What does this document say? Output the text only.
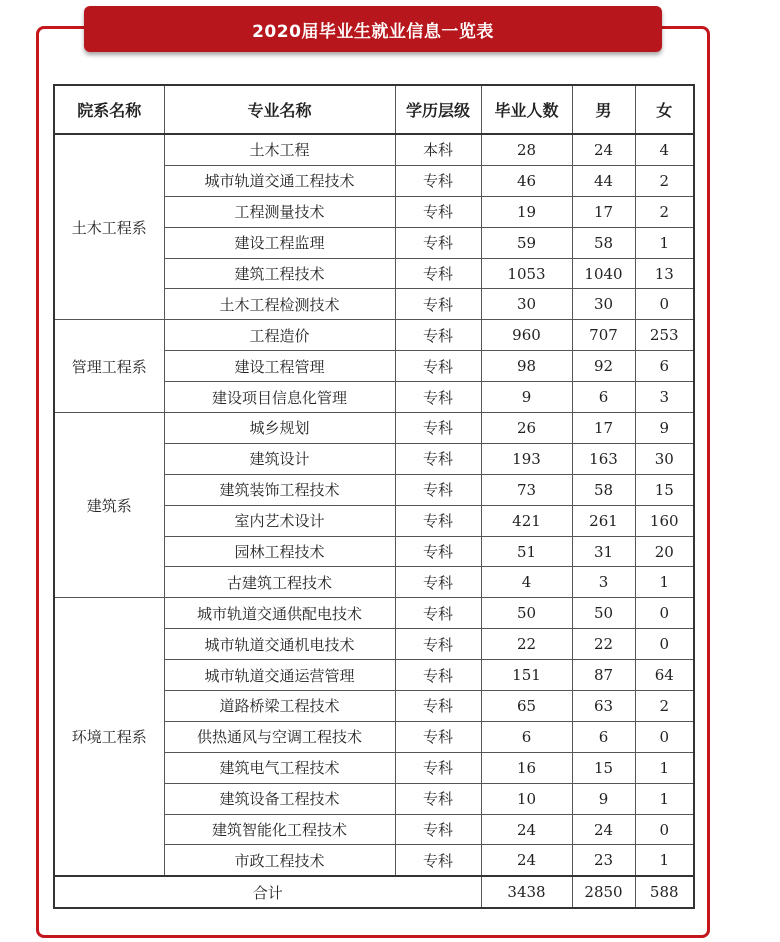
2020届毕业生就业信息一览表
院系名称	专业名称	学历层级	毕业人数	男	女
土木工程系	土木工程	本科	28	24	4
	城市轨道交通工程技术	专科	46	44	2
	工程测量技术	专科	19	17	2
	建设工程监理	专科	59	58	1
	建筑工程技术	专科	1053	1040	13
	土木工程检测技术	专科	30	30	0
管理工程系	工程造价	专科	960	707	253
	建设工程管理	专科	98	92	6
	建设项目信息化管理	专科	9	6	3
建筑系	城乡规划	专科	26	17	9
	建筑设计	专科	193	163	30
	建筑装饰工程技术	专科	73	58	15
	室内艺术设计	专科	421	261	160
	园林工程技术	专科	51	31	20
	古建筑工程技术	专科	4	3	1
环境工程系	城市轨道交通供配电技术	专科	50	50	0
	城市轨道交通机电技术	专科	22	22	0
	城市轨道交通运营管理	专科	151	87	64
	道路桥梁工程技术	专科	65	63	2
	供热通风与空调工程技术	专科	6	6	0
	建筑电气工程技术	专科	16	15	1
	建筑设备工程技术	专科	10	9	1
	建筑智能化工程技术	专科	24	24	0
	市政工程技术	专科	24	23	1
合计			3438	2850	588
